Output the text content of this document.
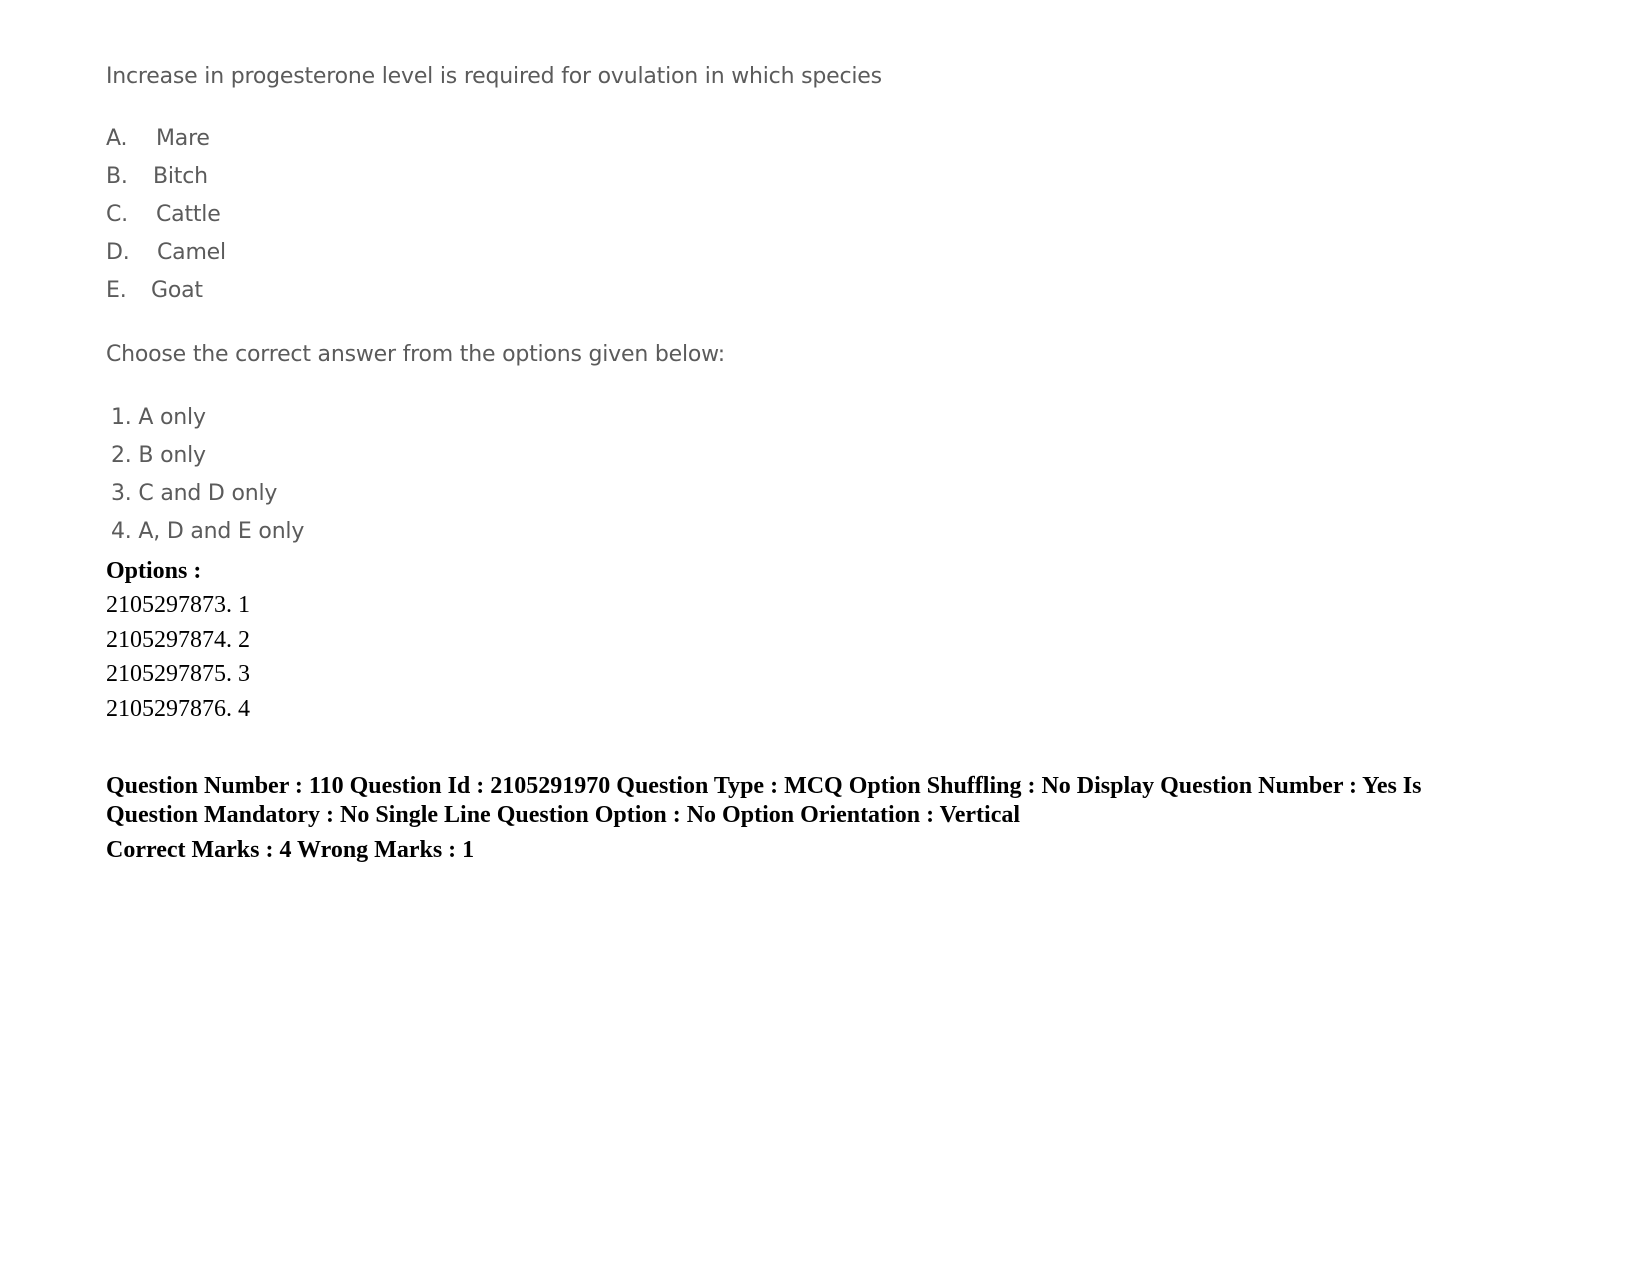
Increase in progesterone level is required for ovulation in which species
A. Mare
B. Bitch
C. Cattle
D. Camel
E. Goat
Choose the correct answer from the options given below:
1. A only
2. B only
3. C and D only
4. A, D and E only
Options :
2105297873. 1
2105297874. 2
2105297875. 3
2105297876. 4
Question Number : 110 Question Id : 2105291970 Question Type : MCQ Option Shuffling : No Display Question Number : Yes Is
Question Mandatory : No Single Line Question Option : No Option Orientation : Vertical
Correct Marks : 4 Wrong Marks : 1
